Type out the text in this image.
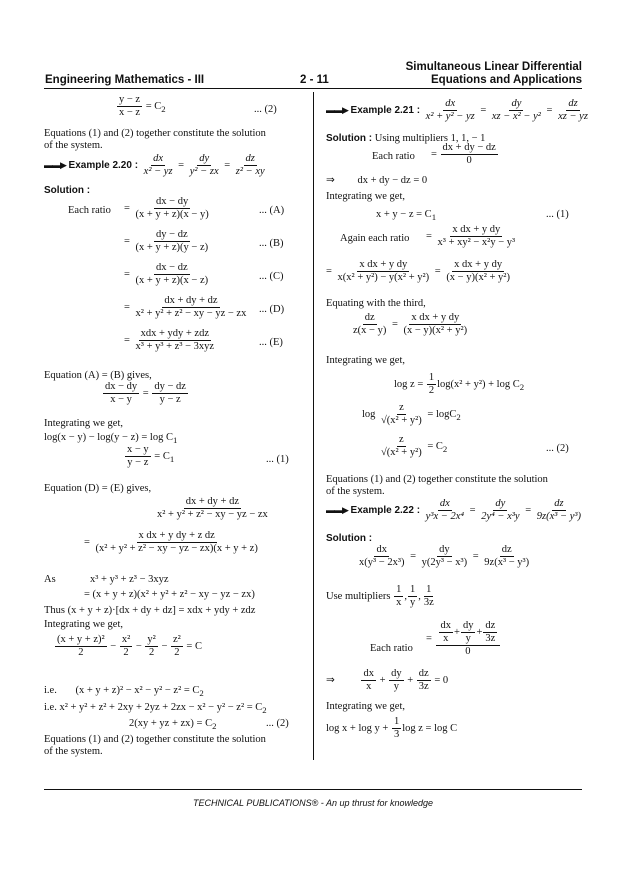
Simultaneous Linear Differential
Engineering Mathematics - III	2 - 11	Equations and Applications
$\frac{y - z}{x - z} = C_2$	... (2)
Equations (1) and (2) together constitute the solution
of the system.
▬▬▶ Example 2.20 : $\frac{dx}{\text{x² − yz}} = \frac{dy}{\text{y² − zx}} = \frac{dz}{\text{z² − xy}}$
Solution :
Each ratio = $\frac{dx - dy}{(x + y + z)(x - y)}$	... (A)
= $\frac{dy - dz}{(x + y + z)(y - z)}$	... (B)
= $\frac{dx - dz}{(x + y + z)(x - z)}$	... (C)
= $\frac{dx + dy + dz}{\text{x² + y² + z² − xy − yz − zx}}$ ... (D)
= $\frac{\text{xdx + ydy + zdz}}{\text{x³ + y³ + z³ − 3xyz}}$	... (E)
Equation (A) = (B) gives,
$\frac{dx - dy}{x - y} = \frac{dy - dz}{y - z}$
Integrating we get,
$\log(x - y) - \log(y - z) = \log C_1$
$\frac{x - y}{y - z} = C_1$	... (1)
Equation (D) = (E) gives,
$\frac{dx + dy + dz}{\text{x² + y² + z² − xy − yz − zx}}$
= $\frac{\text{x dx + y dy + z dz}}{\text{(x² + y² + z² − xy − yz − zx)(x + y + z)}}$
As	x³ + y³ + z³ − 3xyz
= (x + y + z)(x² + y² + z² − xy − yz − zx)
Thus (x + y + z)·[dx + dy + dz] = xdx + ydy + zdz
Integrating we get,
$\frac{\text{(x + y + z)²}}{2} - \frac{\text{x²}}{2} - \frac{\text{y²}}{2} - \frac{\text{z²}}{2} = C$
i.e. $(x + y + z)^2 - x^2 - y^2 - z^2 = C_2$
i.e. $x^2 + y^2 + z^2 + 2xy + 2yz + 2zx - x^2 - y^2 - z^2 = C_2$
2(xy + yz + $zx) = C_2$	... (2)
Equations (1) and (2) together constitute the solution
of the system.
▬▬▶ Example 2.21 : $\frac{dx}{\text{x² + y² − yz}} = \frac{dy}{\text{xz − x² − y²}} = \frac{dz}{xz - yz}$
Solution : Using multipliers 1, 1, − 1
Each ratio = $\frac{dx + dy - dz}{0}$
⇒ dx + dy − dz = 0
Integrating we get,
$x + y - z = C_1$	... (1)
Again each ratio = $\frac{\text{x dx + y dy}}{\text{x³ + xy² − x²y − y³}}$
= $\frac{\text{x dx + y dy}}{\text{x(x² + y²) − y(x² + y²)}} = \frac{\text{x dx + y dy}}{\text{(x − y)(x² + y²)}}$
Equating with the third,
$\frac{dz}{z(x - y)} = \frac{\text{x dx + y dy}}{\text{(x − y)(x² + y²)}}$
Integrating we get,
$\log z = \frac{1}{2} \log(x^2 + y^2) + \log C_2$
$\log \frac{z}{\text{√(x² + y²)}} = \log C_2$
$\frac{z}{\text{√(x² + y²)}} = C_2$	... (2)
Equations (1) and (2) together constitute the solution
of the system.
▬▬▶ Example 2.22 : $\frac{dx}{\text{y³x − 2x⁴}} = \frac{dy}{\text{2y⁴ − x³y}} = \frac{dz}{\text{9z(x³ − y³)}}$
Solution :
$\frac{dx}{\text{x(y³ − 2x³)}} = \frac{dy}{\text{y(2y³ − x³)}} = \frac{dz}{\text{9z(x³ − y³)}}$
Use multipliers $\frac{1}{x}$ , $\frac{1}{y}$ , $\frac{1}{3z}$
Each ratio
= $\frac{\frac{dx}{x} + \frac{dy}{y} + \frac{dz}{3z}}{0}$
⇒	$\frac{dx}{x} + \frac{dy}{y} + \frac{dz}{3z} = 0$
Integrating we get,
$\log x + \log y + \frac{1}{3}$ log z = log C
TECHNICAL PUBLICATIONS® - An up thrust for knowledge
